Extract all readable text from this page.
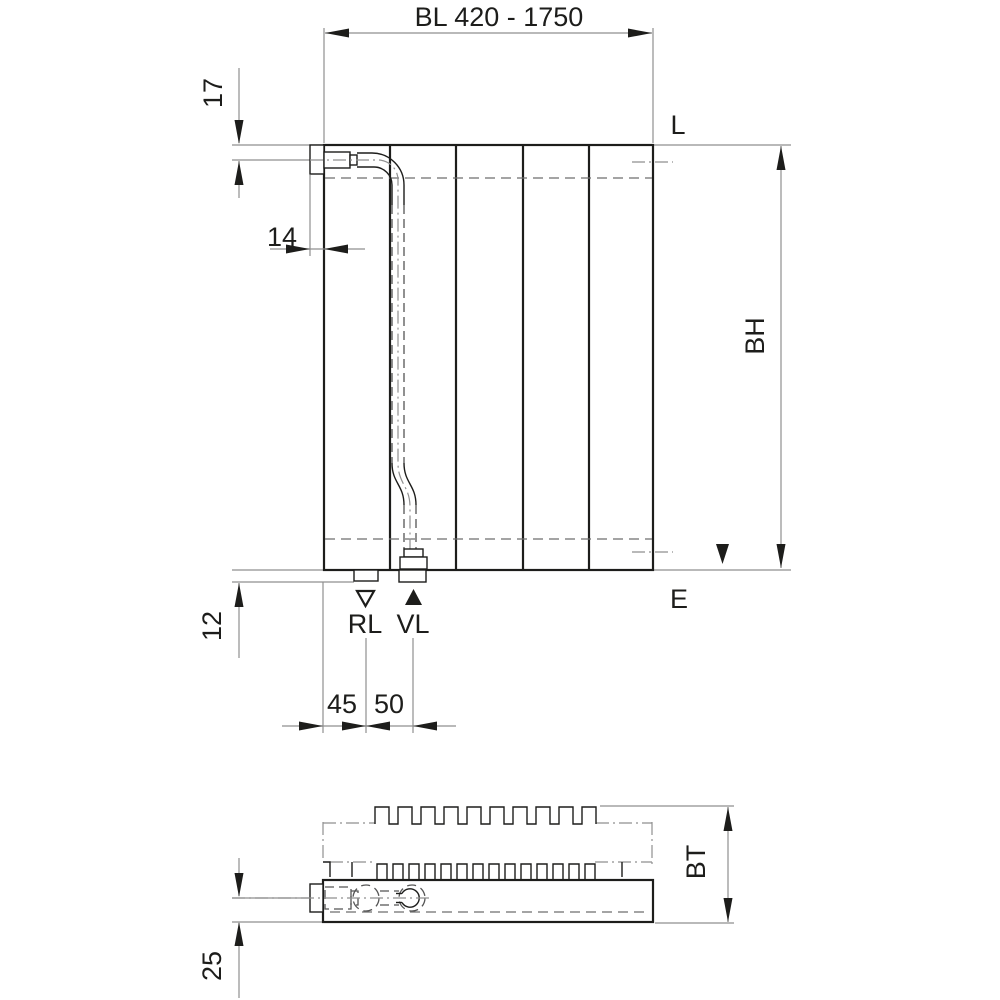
BL 420 - 1750
17
14
12
45 50
BH
L
E
RL VL
25
BT
